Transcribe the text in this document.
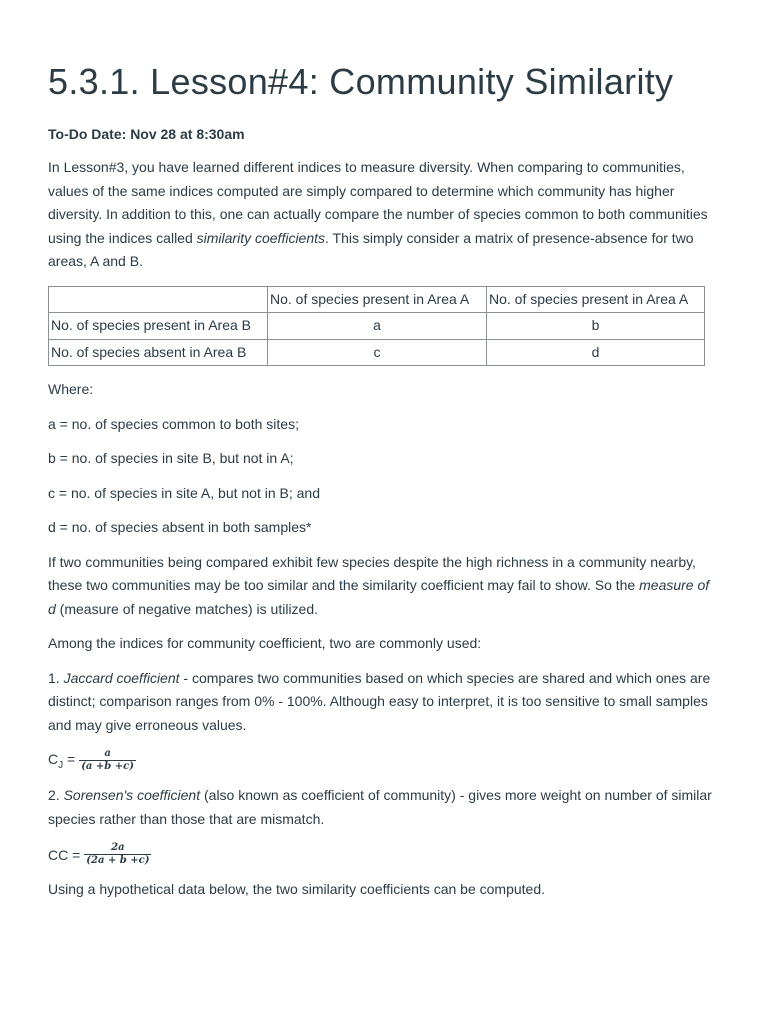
5.3.1. Lesson#4: Community Similarity
To-Do Date: Nov 28 at 8:30am

In Lesson#3, you have learned different indices to measure diversity. When comparing to communities, values of the same indices computed are simply compared to determine which community has higher diversity. In addition to this, one can actually compare the number of species common to both communities using the indices called similarity coefficients. This simply consider a matrix of presence-absence for two areas, A and B.

	No. of species present in Area A	No. of species present in Area A
No. of species present in Area B	a	b
No. of species absent in Area B	c	d

Where:

a = no. of species common to both sites;

b = no. of species in site B, but not in A;

c = no. of species in site A, but not in B; and

d = no. of species absent in both samples*

If two communities being compared exhibit few species despite the high richness in a community nearby, these two communities may be too similar and the similarity coefficient may fail to show. So the measure of d (measure of negative matches) is utilized.

Among the indices for community coefficient, two are commonly used:

1. Jaccard coefficient - compares two communities based on which species are shared and which ones are distinct; comparison ranges from 0% - 100%. Although easy to interpret, it is too sensitive to small samples and may give erroneous values.

$C_J = \frac{a}{(a +b +c)}$

2. Sorensen's coefficient (also known as coefficient of community) - gives more weight on number of similar species rather than those that are mismatch.

CC = $\frac{2a}{(2a + b +c)}$

Using a hypothetical data below, the two similarity coefficients can be computed.
